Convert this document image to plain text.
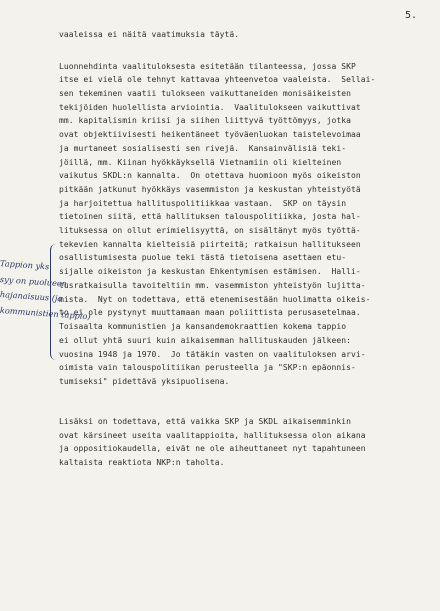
5.
vaaleissa ei näitä vaatimuksia täytä.
Luonnehdinta vaalituloksesta esitetään tilanteessa, jossa SKP
itse ei vielä ole tehnyt kattavaa yhteenvetoa vaaleista.  Sellai-
sen tekeminen vaatii tulokseen vaikuttaneiden monisäikeisten
tekijöiden huolellista arviointia.  Vaalitulokseen vaikuttivat
mm. kapitalismin kriisi ja siihen liittyvä työttömyys, jotka
ovat objektiivisesti heikentäneet työväenluokan taistelevoimaa
ja murtaneet sosialisesti sen rivejä.  Kansainvälisiä teki-
jöillä, mm. Kiinan hyökkäyksellä Vietnamiin oli kielteinen
vaikutus SKDL:n kannalta.  On otettava huomioon myös oikeiston
pitkään jatkunut hyökkäys vasemmiston ja keskustan yhteistyötä
ja harjoitettua hallituspolitiikkaa vastaan.  SKP on täysin
tietoinen siitä, että hallituksen talouspolitiikka, josta hal-
lituksessa on ollut erimielisyyttä, on sisältänyt myös työttä-
tekevien kannalta kielteisiä piirteitä; ratkaisun hallitukseen
osallistumisesta puolue teki tästä tietoisena asettaen etu-
sijalle oikeiston ja keskustan Ehkentymisen estämisen.  Halli-
tusratkaisulla tavoiteltiin mm. vasemmiston yhteistyön lujitta-
mista.  Nyt on todettava, että etenemisestään huolimatta oikeis-
to ei ole pystynyt muuttamaan maan poliittista perusasetelmaa.
Toisaalta kommunistien ja kansandemokraattien kokema tappio
ei ollut yhtä suuri kuin aikaisemman hallituskauden jälkeen:
vuosina 1948 ja 1970.  Jo tätäkin vasten on vaalituloksen arvi-
oimista vain talouspolitiikan perusteella ja "SKP:n epäonnis-
tumiseksi" pidettävä yksipuolisena.
Lisäksi on todettava, että vaikka SKP ja SKDL aikaisemminkin
ovat kärsineet useita vaalitappioita, hallituksessa olon aikana
ja oppositiokaudella, eivät ne ole aiheuttaneet nyt tapahtuneen
kaltaista reaktiota NKP:n taholta.
Tappion yks
syy on puolueen
hajanaisuus (ja
kommunistien tappio)
